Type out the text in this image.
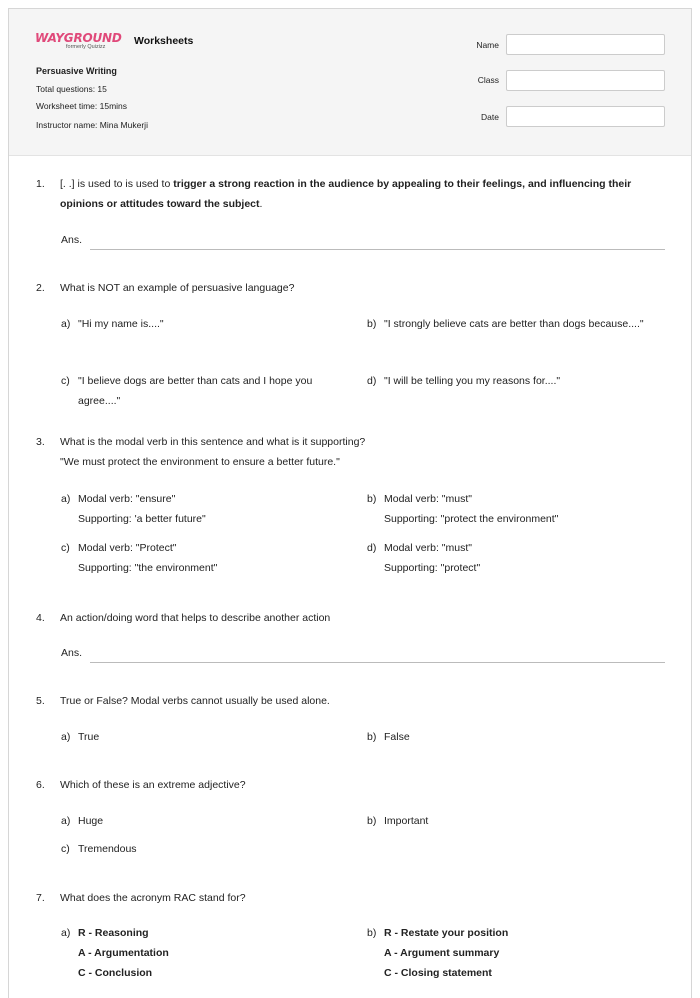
WAYGROUND
formerly Quizizz	Worksheets
Persuasive Writing
Total questions: 15
Worksheet time: 15mins
Instructor name: Mina Mukerji
Name
Class
Date
1. [. .] is used to is used to trigger a strong reaction in the audience by appealing to their feelings, and influencing their opinions or attitudes toward the subject.
Ans.
2. What is NOT an example of persuasive language?
a) "Hi my name is...."	b) "I strongly believe cats are better than dogs because...."
c) "I believe dogs are better than cats and I hope you agree...."
d) "I will be telling you my reasons for...."
3. What is the modal verb in this sentence and what is it supporting?
"We must protect the environment to ensure a better future."
a) Modal verb: "ensure"
Supporting: 'a better future"
b) Modal verb: "must"
Supporting: "protect the environment"
c) Modal verb: "Protect"
Supporting: "the environment"
d) Modal verb: "must"
Supporting: "protect"
4. An action/doing word that helps to describe another action
Ans.
5. True or False? Modal verbs cannot usually be used alone.
a) True	b) False
6. Which of these is an extreme adjective?
a) Huge	b) Important
c) Tremendous
7. What does the acronym RAC stand for?
a) R - Reasoning
A - Argumentation
C - Conclusion
b) R - Restate your position
A - Argument summary
C - Closing statement
